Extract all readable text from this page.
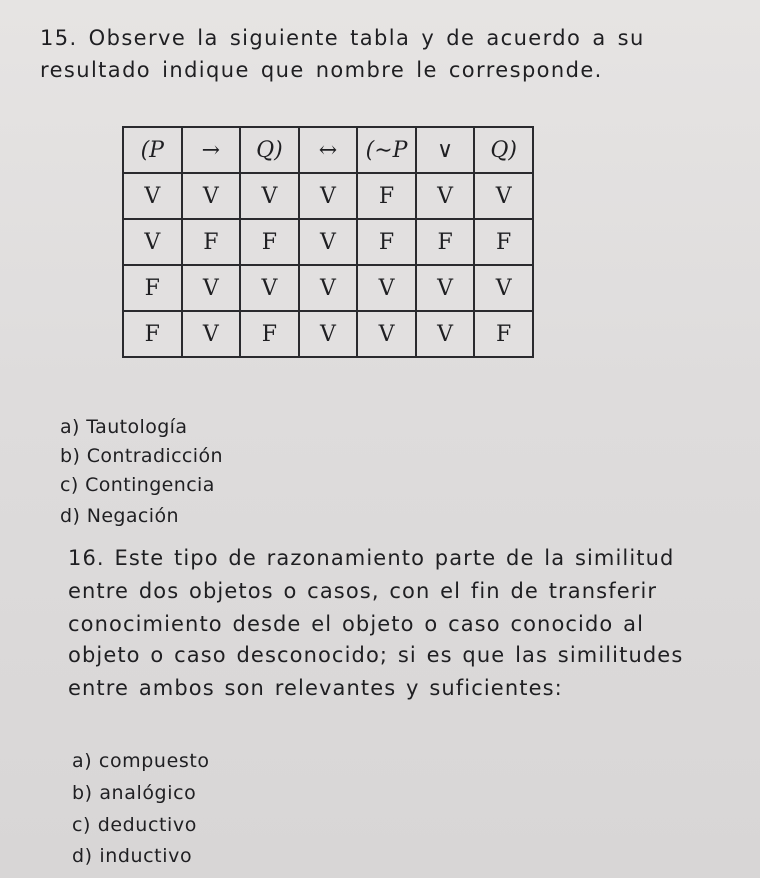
15. Observe la siguiente tabla y de acuerdo a su

resultado indique que nombre le corresponde.

(P	→	Q)	↔	(∼P	∨	Q)
V	V	V	V	F	V	V
V	F	F	V	F	F	F
F	V	V	V	V	V	V
F	V	F	V	V	V	F

a) Tautología

b) Contradicción

c) Contingencia

d) Negación

16. Este tipo de razonamiento parte de la similitud

entre dos objetos o casos, con el fin de transferir

conocimiento desde el objeto o caso conocido al

objeto o caso desconocido; si es que las similitudes

entre ambos son relevantes y suficientes:

a) compuesto

b) analógico

c) deductivo

d) inductivo
